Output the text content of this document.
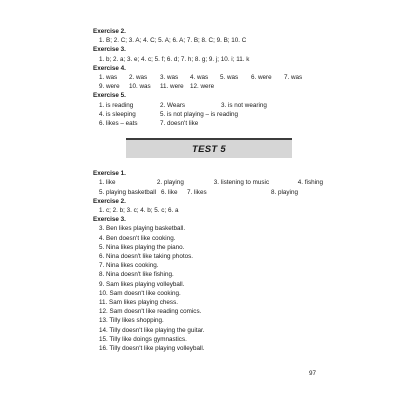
Exercise 2.
1. B; 2. C; 3. A; 4. C; 5. A; 6. A; 7. B; 8. C; 9. B; 10. C
Exercise 3.
1. b; 2. a; 3. e; 4. c; 5. f; 6. d; 7. h; 8. g; 9. j; 10. i; 11. k
Exercise 4.
1. was	2. was	3. was	4. was	5. was	6. were	7. was
9. were	10. was	11. were	12. were
Exercise 5.
1. is reading	2. Wears	3. is not wearing
4. is sleeping	5. is not playing – is reading
6. likes – eats	7. doesn't like
TEST 5
Exercise 1.
1. like	2. playing	3. listening to music	4. fishing
5. playing basketball 6. like	7. likes	8. playing
Exercise 2.
1. c; 2. b; 3. c; 4. b; 5. c; 6. a
Exercise 3.
3. Ben likes playing basketball.
4. Ben doesn't like cooking.
5. Nina likes playing the piano.
6. Nina doesn't like taking photos.
7. Nina likes cooking.
8. Nina doesn't like fishing.
9. Sam likes playing volleyball.
10. Sam doesn't like cooking.
11. Sam likes playing chess.
12. Sam doesn't like reading comics.
13. Tilly likes shopping.
14. Tilly doesn't like playing the guitar.
15. Tilly like doings gymnastics.
16. Tilly doesn't like playing volleyball.
97
